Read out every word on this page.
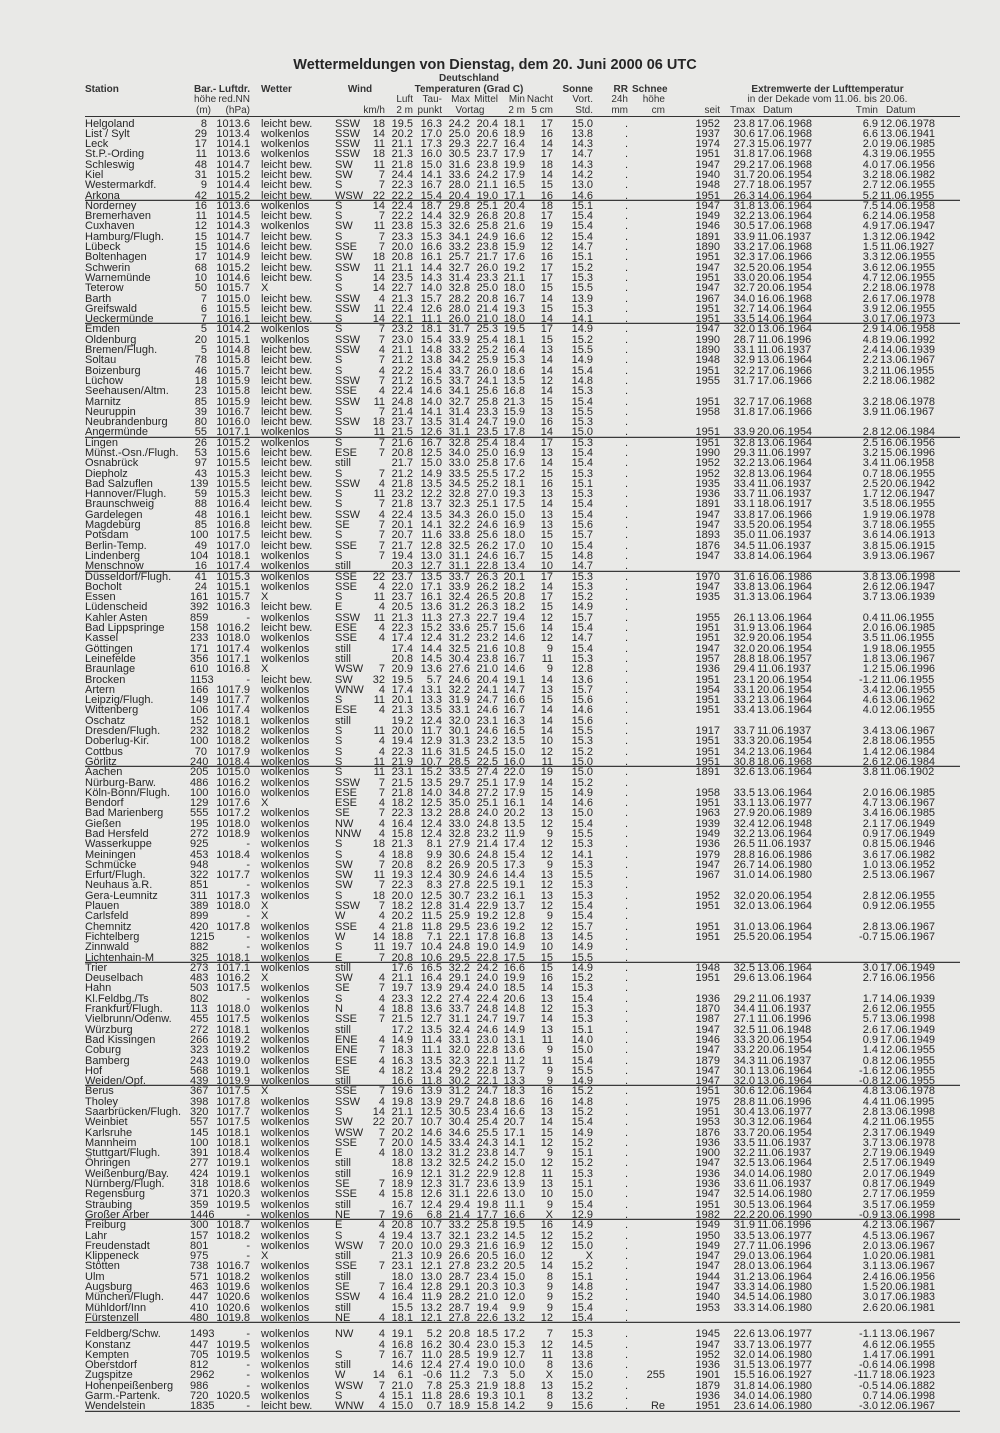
Wettermeldungen von Dienstag, dem 20. Juni 2000 06 UTC
Deutschland
Station	Bar.- Luftdr.	Wetter	Wind	Temperaturen (Grad C)	Sonne	RR Schnee	Extremwerte der Lufttemperatur
höhe red.NN	Luft Tau- Max Mittel	Min Nacht	Vort.	24h	höhe	in der Dekade vom 11.06. bis 20.06.
(m)	(hPa)	km/h	2 m punkt	Vortag	2 m 5 cm	Std.	mm	cm	seit	Tmax Datum	Tmin Datum
Helgoland	8 1013.6	leicht bew.	SSW	18 19.5 16.3 24.2 20.4 18.1	17	15.0	.	1952	23.8 17.06.1968	6.9 12.06.1978
List / Sylt	29 1013.4	wolkenlos	SSW	14 20.2 17.0 25.0 20.6 18.9	16	13.8	.	1937	30.6 17.06.1968	6.6 13.06.1941
Leck	17 1014.1	wolkenlos	SSW	11 21.1 17.3 29.3 22.7 16.4	14	14.3	.	1974	27.3 15.06.1977	2.0 19.06.1985
St.P.-Ording	11 1013.6	wolkenlos	SSW	18 21.3 16.0 30.5 23.7 17.9	17	14.7	.	1951	31.8 17.06.1968	4.3 19.06.1955
Schleswig	48 1014.7	leicht bew.	SW	11 21.8 15.0 31.6 23.8 19.9	18	14.3	.	1947	29.2 17.06.1968	4.0 17.06.1956
Kiel	31 1015.2	leicht bew.	SW	7 24.4 14.1 33.6 24.2 17.9	14	14.2	.	1940	31.7 20.06.1954	3.2 18.06.1982
Westermarkdf.	9 1014.4	leicht bew.	S	7 22.3 16.7 28.0 21.1 16.5	15	13.0	.	1948	27.7 18.06.1957	2.7 12.06.1955
Arkona	42 1015.2	leicht bew.	WSW 22 22.2 15.4 20.4 19.0 17.1	16	14.6	.	1951	26.3 14.06.1964	5.2 11.06.1955
Norderney	16 1013.6	wolkenlos	S	14 22.4 18.7 29.8 25.1 20.4	18	15.1	.	1947	31.8 13.06.1964	7.5 14.06.1958
Bremerhaven	11 1014.5	leicht bew.	S	7 22.2 14.4 32.9 26.8 20.8	17	15.4	.	1949	32.2 13.06.1964	6.2 14.06.1958
Cuxhaven	12 1014.3	wolkenlos	SW	11 23.8 15.3 32.6 25.8 21.6	19	15.4	.	1946	30.5 17.06.1968	4.9 17.06.1947
Hamburg/Flugh.	15 1014.7	leicht bew.	S	7 23.3 15.3 34.1 24.9 16.6	12	15.4	.	1891	33.9 11.06.1937	1.3 12.06.1942
Lübeck	15 1014.6	leicht bew.	SSE	7 20.0 16.6 33.2 23.8 15.9	12	14.7	.	1890	33.2 17.06.1968	1.5 11.06.1927
Boltenhagen	17 1014.9	leicht bew.	SW	18 20.8 16.1 25.7 21.7 17.6	16	15.1	.	1951	32.3 17.06.1966	3.3 12.06.1955
Schwerin	68 1015.2	leicht bew.	SSW	11 21.1 14.4 32.7 26.0 19.2	17	15.2	.	1947	32.5 20.06.1954	3.6 12.06.1955
Warnemünde	10 1014.6	leicht bew.	S	14 23.5 14.3 31.4 23.3 21.1	17	15.3	.	1951	33.0 20.06.1954	4.7 12.06.1955
Teterow	50 1015.7	X	S	14 22.7 14.0 32.8 25.0 18.0	15	15.5	.	1947	32.7 20.06.1954	2.2 18.06.1978
Barth	7 1015.0	leicht bew.	SSW	4 21.3 15.7 28.2 20.8 16.7	14	13.9	.	1967	34.0 16.06.1968	2.6 17.06.1978
Greifswald	6 1015.5	leicht bew.	SSW	11 22.4 12.6 28.0 21.4 19.3	15	15.3	.	1951	32.7 14.06.1964	3.9 12.06.1955
Ueckermünde	7 1016.1	leicht bew.	S	14 22.1 11.1 26.0 21.0 18.0	14	14.1	.	1951	33.5 14.06.1964	3.0 17.06.1973
Emden	5 1014.2	wolkenlos	S	7 23.2 18.1 31.7 25.3 19.5	17	14.9	.	1947	32.0 13.06.1964	2.9 14.06.1958
Oldenburg	20 1015.1	wolkenlos	SSW	7 23.0 15.4 33.9 25.4 18.1	15	15.2	.	1990	28.7 11.06.1996	4.8 19.06.1992
Bremen/Flugh.	5 1014.8	leicht bew.	SSW	4 21.1 14.8 33.2 25.2 16.4	13	15.5	.	1890	33.1 11.06.1937	2.4 14.06.1939
Soltau	78 1015.8	leicht bew.	S	7 21.2 13.8 34.2 25.9 15.3	14	14.9	.	1948	32.9 13.06.1964	2.2 13.06.1967
Boizenburg	46 1015.7	leicht bew.	S	4 22.2 15.4 33.7 26.0 18.6	14	15.4	.	1951	32.2 17.06.1966	3.2 11.06.1955
Lüchow	18 1015.9	leicht bew.	SSW	7 21.2 16.5 33.7 24.1 13.5	12	14.8	.	1955	31.7 17.06.1966	2.2 18.06.1982
Seehausen/Altm.	23 1015.8	leicht bew.	SSE	4 22.4 14.6 34.1 25.6 16.8	14	15.3	.
Marnitz	85 1015.9	leicht bew.	SSW	11 24.8 14.0 32.7 25.8 21.3	15	15.4	.	1951	32.7 17.06.1968	3.2 18.06.1978
Neuruppin	39 1016.7	leicht bew.	S	7 21.4 14.1 31.4 23.3 15.9	13	15.5	.	1958	31.8 17.06.1966	3.9 11.06.1967
Neubrandenburg	80 1016.0	leicht bew.	SSW	18 23.7 13.5 31.4 24.7 19.0	16	15.3	.
Angermünde	55 1017.1	wolkenlos	S	11 21.5 12.6 31.1 23.5 17.8	14	15.0	.	1951	33.9 20.06.1954	2.8 12.06.1984
Lingen	26 1015.2	wolkenlos	S	7 21.6 16.7 32.8 25.4 18.4	17	15.3	.	1951	32.8 13.06.1964	2.5 16.06.1956
Münst.-Osn./Flugh.	53 1015.6	leicht bew.	ESE	7 20.8 12.5 34.0 25.0 16.9	13	15.4	.	1990	29.3 11.06.1997	3.2 15.06.1996
Osnabrück	97 1015.5	leicht bew.	still	21.7 15.0 33.0 25.8 17.6	14	15.4	.	1952	32.2 13.06.1964	3.4 11.06.1958
Diepholz	43 1015.3	leicht bew.	S	7 21.2 14.9 33.5 25.5 17.2	15	15.3	.	1952	32.8 13.06.1964	0.7 18.06.1955
Bad Salzuflen	139 1015.5	leicht bew.	SSW	4 21.8 13.5 34.5 25.2 18.1	16	15.1	.	1935	33.4 11.06.1937	2.5 20.06.1942
Hannover/Flugh.	59 1015.3	leicht bew.	S	11 23.2 12.2 32.8 27.0 19.3	13	15.3	.	1936	33.7 11.06.1937	1.7 12.06.1947
Braunschweig	88 1016.4	leicht bew.	S	7 21.8 13.7 32.3 25.1 17.5	14	15.4	.	1891	33.1 18.06.1917	3.5 18.06.1955
Gardelegen	48 1016.1	leicht bew.	SSW	4 22.4 13.5 34.3 26.0 15.0	13	15.4	.	1947	33.8 17.06.1966	1.9 19.06.1978
Magdeburg	85 1016.8	leicht bew.	SE	7 20.1 14.1 32.2 24.6 16.9	13	15.6	.	1947	33.5 20.06.1954	3.7 18.06.1955
Potsdam	100 1017.5	leicht bew.	S	7 20.7 11.6 33.8 25.6 18.0	15	15.7	.	1893	35.0 11.06.1937	3.6 14.06.1913
Berlin-Temp.	49 1017.0	leicht bew.	SSE	7 21.7 12.8 32.5 26.2 17.0	10	15.4	.	1876	34.5 11.06.1937	3.8 15.06.1915
Lindenberg	104 1018.1	wolkenlos	S	7 19.4 13.0 31.1 24.6 16.7	15	14.8	.	1947	33.8 14.06.1964	3.9 13.06.1967
Menschnow	16 1017.4	wolkenlos	still	20.3 12.7 31.1 22.8 13.4	10	14.7	.
Düsseldorf/Flugh.	41 1015.3	wolkenlos	SSE	22 23.7 13.5 33.7 26.3 20.1	17	15.3	.	1970	31.6 16.06.1986	3.8 13.06.1998
Bocholt	24 1015.1	wolkenlos	SSE	4 22.0 17.1 33.9 26.2 18.2	14	15.3	.	1947	33.8 13.06.1964	2.6 12.06.1947
Essen	161 1015.7	X	S	11 23.7 16.1 32.4 26.5 20.8	17	15.2	.	1935	31.3 13.06.1964	3.7 13.06.1939
Lüdenscheid	392 1016.3	leicht bew.	E	4 20.5 13.6 31.2 26.3 18.2	15	14.9	.
Kahler Asten	859	-	wolkenlos	SSW	11 21.3 11.3 27.3 22.7 19.4	12	15.7	.	1955	26.1 13.06.1964	0.4 11.06.1955
Bad Lippspringe	158 1016.2	leicht bew.	ESE	4 22.3 15.2 33.6 25.7 15.6	14	15.4	.	1951	31.9 13.06.1964	2.0 16.06.1985
Kassel	233 1018.0	wolkenlos	SSE	4 17.4 12.4 31.2 23.2 14.6	12	14.7	.	1951	32.9 20.06.1954	3.5 11.06.1955
Göttingen	171 1017.4	wolkenlos	still	17.4 14.4 32.5 21.6 10.8	9	15.4	.	1947	32.0 20.06.1954	1.9 18.06.1955
Leinefelde	356 1017.1	wolkenlos	still	20.8 14.5 30.4 23.8 16.7	11	15.3	.	1957	28.8 18.06.1957	1.8 13.06.1967
Braunlage	610 1016.8	X	WSW	7 20.9 13.6 27.6 21.0 14.6	9	12.8	.	1936	29.4 11.06.1937	1.2 15.06.1996
Brocken	1153	-	leicht bew.	SW	32 19.5	5.7 24.6 20.4 19.1	14	13.6	.	1951	23.1 20.06.1954	-1.2 11.06.1955
Artern	166 1017.9	wolkenlos	WNW	4 17.4 13.1 32.2 24.1 14.7	13	15.7	.	1954	33.1 20.06.1954	3.4 12.06.1955
Leipzig/Flugh.	149 1017.7	wolkenlos	S	11 20.1 13.3 31.9 24.7 16.6	15	15.6	.	1951	33.2 13.06.1964	4.6 13.06.1962
Wittenberg	106 1017.4	wolkenlos	ESE	4 21.3 13.5 33.1 24.6 16.7	14	14.6	.	1951	33.4 13.06.1964	4.0 12.06.1955
Oschatz	152 1018.1	wolkenlos	still	19.2 12.4 32.0 23.1 16.3	14	15.6	.
Dresden/Flugh.	232 1018.2	wolkenlos	S	11 20.0 11.7 30.1 24.6 16.5	14	15.5	.	1917	33.7 11.06.1937	3.4 13.06.1967
Doberlug-Kir.	100 1018.2	wolkenlos	S	4 19.4 12.9 31.3 23.2 13.5	10	15.3	.	1951	33.3 20.06.1954	2.8 18.06.1955
Cottbus	70 1017.9	wolkenlos	S	4 22.3 11.6 31.5 24.5 15.0	12	15.2	.	1951	34.2 13.06.1964	1.4 12.06.1984
Görlitz	240 1018.4	wolkenlos	S	11 21.9 10.7 28.5 22.5 16.0	11	15.0	.	1951	30.8 18.06.1968	2.6 12.06.1984
Aachen	205 1015.0	wolkenlos	S	11 23.1 15.2 33.5 27.4 22.0	19	15.0	.	1891	32.6 13.06.1964	3.8 11.06.1902
Nürburg-Barw.	486 1016.2	wolkenlos	SSW	7 21.5 13.5 29.7 25.1 17.9	14	15.2	.
Köln-Bonn/Flugh.	100 1016.0	wolkenlos	ESE	7 21.8 14.0 34.8 27.2 17.9	15	14.9	.	1958	33.5 13.06.1964	2.0 16.06.1985
Bendorf	129 1017.6	X	ESE	4 18.2 12.5 35.0 25.1 16.1	14	14.6	.	1951	33.1 13.06.1977	4.7 13.06.1967
Bad Marienberg	555 1017.2	wolkenlos	SE	7 22.3 13.2 28.8 24.0 20.2	13	15.0	.	1963	27.9 20.06.1989	3.4 16.06.1985
Gießen	195 1018.0	wolkenlos	NW	4 16.4 12.4 33.0 24.8 13.5	12	15.4	.	1939	32.4 12.06.1948	2.1 17.06.1949
Bad Hersfeld	272 1018.9	wolkenlos	NNW	4 15.8 12.4 32.8 23.2 11.9	9	15.5	.	1949	32.2 13.06.1964	0.9 17.06.1949
Wasserkuppe	925	-	wolkenlos	S	18 21.3	8.1 27.9 21.4 17.4	12	15.3	.	1936	26.5 11.06.1937	0.8 15.06.1946
Meiningen	453 1018.4	wolkenlos	S	4 18.8	9.9 30.6 24.8 15.4	12	14.1	.	1979	28.8 16.06.1986	3.6 17.06.1982
Schmücke	948	-	wolkenlos	SW	7 20.8	8.2 26.9 20.5 17.3	9	15.3	.	1947	26.7 14.06.1980	1.0 13.06.1952
Erfurt/Flugh.	322 1017.7	wolkenlos	SW	11 19.3 12.4 30.9 24.6 14.4	13	15.5	.	1967	31.0 14.06.1980	2.5 13.06.1967
Neuhaus a.R.	851	-	wolkenlos	SW	7 22.3	8.3 27.8 22.5 19.1	12	15.3	.
Gera-Leumnitz	311 1017.3	wolkenlos	S	18 20.0 12.5 30.7 23.2 16.1	13	15.3	.	1952	32.0 20.06.1954	2.8 12.06.1955
Plauen	389 1018.0	X	SSW	7 18.2 12.8 31.4 22.9 13.7	12	15.4	.	1951	32.0 13.06.1964	0.9 12.06.1955
Carlsfeld	899	-	X	W	4 20.2 11.5 25.9 19.2 12.8	9	15.4	.
Chemnitz	420 1017.8	wolkenlos	SSE	4 21.8 11.8 29.5 23.6 19.2	12	15.7	.	1951	31.0 13.06.1964	2.8 13.06.1967
Fichtelberg	1215	-	wolkenlos	W	14 18.8	7.1 22.1 17.8 16.8	13	14.5	.	1951	25.5 20.06.1954	-0.7 15.06.1967
Zinnwald	882	-	wolkenlos	S	11 19.7 10.4 24.8 19.0 14.9	10	14.9	.
Lichtenhain-M	325 1018.1	wolkenlos	E	7 20.8 10.6 29.5 22.8 17.5	15	15.5	.
Trier	273 1017.1	wolkenlos	still	17.6 16.5 32.2 24.2 16.6	15	14.9	.	1948	32.5 13.06.1964	3.0 17.06.1949
Deuselbach	483 1016.2	X	SW	4 21.1 16.4 29.1 24.0 19.9	16	15.2	.	1951	29.6 13.06.1964	2.7 16.06.1956
Hahn	503 1017.5	wolkenlos	SE	7 19.7 13.9 29.4 24.0 18.5	14	15.3	.
Kl.Feldbg./Ts	802	-	wolkenlos	S	4 23.3 12.2 27.4 22.4 20.6	13	15.4	.	1936	29.2 11.06.1937	1.7 14.06.1939
Frankfurt/Flugh.	113 1018.0	wolkenlos	N	4 18.8 13.6 33.7 24.8 14.8	12	15.3	.	1870	34.4 11.06.1937	2.6 12.06.1955
Vielbrunn/Odenw.	455 1017.5	wolkenlos	SSE	7 21.5 12.7 31.1 24.7 19.7	14	15.3	.	1987	27.1 11.06.1996	5.7 13.06.1998
Würzburg	272 1018.1	wolkenlos	still	17.2 13.5 32.4 24.6 14.9	13	15.1	.	1947	32.5 11.06.1948	2.6 17.06.1949
Bad Kissingen	266 1019.2	wolkenlos	ENE	4 14.9 11.4 33.1 23.0 13.1	11	14.0	.	1946	33.3 20.06.1954	0.9 17.06.1949
Coburg	323 1019.2	wolkenlos	ENE	7 18.3 11.1 32.0 22.8 13.6	9	15.0	.	1947	33.2 20.06.1954	1.4 12.06.1955
Bamberg	243 1019.0	wolkenlos	ESE	4 16.3 13.5 32.3 22.1 11.2	11	15.4	.	1879	34.3 11.06.1937	0.8 12.06.1955
Hof	568 1019.1	wolkenlos	SE	4 18.2 13.4 29.2 22.8 13.7	9	15.5	.	1947	30.1 13.06.1964	-1.6 12.06.1955
Weiden/Opf.	439 1019.9	wolkenlos	still	16.6 11.8 30.2 22.1 13.3	9	14.9	.	1947	32.0 13.06.1964	-0.8 12.06.1955
Berus	367 1017.5	X	SSE	7 19.6 13.9 31.2 24.7 18.3	16	15.2	.	1951	30.6 12.06.1964	4.8 13.06.1978
Tholey	398 1017.8	wolkenlos	SSW	4 19.8 13.9 29.7 24.8 18.6	16	14.8	.	1975	28.8 11.06.1996	4.4 11.06.1995
Saarbrücken/Flugh. 320 1017.7	wolkenlos	S	14 21.1 12.5 30.5 23.4 16.6	13	15.2	.	1951	30.4 13.06.1977	2.8 13.06.1998
Weinbiet	557 1017.5	wolkenlos	SW	22 20.7 10.7 30.4 25.4 20.7	14	15.4	.	1953	30.3 12.06.1964	4.2 11.06.1955
Karlsruhe	145 1018.1	wolkenlos	WSW	7 20.2 14.6 34.6 25.5 17.1	15	14.9	.	1876	33.7 20.06.1954	2.3 17.06.1949
Mannheim	100 1018.1	wolkenlos	SSE	7 20.0 14.5 33.4 24.3 14.1	12	15.2	.	1936	33.5 11.06.1937	3.7 13.06.1978
Stuttgart/Flugh.	391 1018.4	wolkenlos	E	4 18.0 13.2 31.2 23.8 14.7	9	15.1	.	1900	32.2 11.06.1937	2.7 19.06.1949
Öhringen	277 1019.1	wolkenlos	still	18.8 13.2 32.5 24.2 15.0	12	15.2	.	1947	32.5 13.06.1964	2.5 17.06.1949
Weißenburg/Bay.	424 1019.1	wolkenlos	still	16.9 12.1 31.2 22.9 12.8	11	15.3	.	1936	34.0 14.06.1980	2.0 17.06.1949
Nürnberg/Flugh.	318 1018.6	wolkenlos	SE	7 18.9 12.3 31.7 23.6 13.9	13	15.1	.	1936	33.6 11.06.1937	0.8 17.06.1949
Regensburg	371 1020.3	wolkenlos	SSE	4 15.8 12.6 31.1 22.6 13.0	10	15.0	.	1947	32.5 14.06.1980	2.7 17.06.1959
Straubing	359 1019.5	wolkenlos	still	16.7 12.4 29.4 19.8 11.1	9	15.4	.	1951	30.5 13.06.1964	3.5 17.06.1959
Großer Arber	1446	-	wolkenlos	NE	7 19.6	6.8 21.4 17.7 16.6	X	12.9	.	1982	22.2 20.06.1990	-0.9 13.06.1998
Freiburg	300 1018.7	wolkenlos	E	4 20.8 10.7 33.2 25.8 19.5	16	14.9	.	1949	31.9 11.06.1996	4.2 13.06.1967
Lahr	157 1018.2	wolkenlos	S	4 19.4 13.7 32.1 23.2 14.5	12	15.2	.	1950	33.5 13.06.1977	4.5 13.06.1967
Freudenstadt	801	-	wolkenlos	WSW	7 20.0 10.0 29.3 21.6 16.9	12	15.0	.	1949	27.7 11.06.1996	2.0 13.06.1967
Klippeneck	975	-	X	still	21.3 10.9 26.6 20.5 16.0	12	X	.	1947	29.0 13.06.1964	1.0 20.06.1981
Stötten	738 1016.7	wolkenlos	SSE	7 23.1 12.1 27.8 23.2 20.5	14	15.2	.	1947	28.0 13.06.1964	3.1 13.06.1967
Ulm	571 1018.2	wolkenlos	still	18.0 13.0 28.7 23.4 15.0	8	15.1	.	1944	31.2 13.06.1964	2.4 16.06.1956
Augsburg	463 1019.6	wolkenlos	SE	7 16.4 12.8 29.1 20.3 10.3	9	14.8	.	1947	33.3 14.06.1980	1.5 20.06.1981
München/Flugh.	447 1020.6	wolkenlos	SSW	4 16.4 11.9 28.2 21.0 12.0	9	15.2	.	1940	34.5 14.06.1980	3.0 17.06.1983
Mühldorf/Inn	410 1020.6	wolkenlos	still	15.5 13.2 28.7 19.4	9.9	9	15.4	.	1953	33.3 14.06.1980	2.6 20.06.1981
Fürstenzell	480 1019.8	wolkenlos	NE	4 18.1 12.1 27.8 22.6 13.2	12	15.4	.
Feldberg/Schw.	1493	-	wolkenlos	NW	4 19.1	5.2 20.8 18.5 17.2	7	15.3	.	1945	22.6 13.06.1977	-1.1 13.06.1967
Konstanz	447 1019.5	wolkenlos	4 16.8 16.2 30.4 23.0 15.3	12	14.5	.	1947	33.7 13.06.1977	4.6 12.06.1955
Kempten	705 1019.5	wolkenlos	S	7 16.7 11.0 28.5 19.9 12.7	11	13.8	.	1952	32.0 14.06.1980	1.4 17.06.1991
Oberstdorf	812	-	wolkenlos	still	14.6 12.4 27.4 19.0 10.0	8	13.6	.	1936	31.5 13.06.1977	-0.6 14.06.1998
Zugspitze	2962	-	wolkenlos	W	14	6.1 -0.6 11.2	7.3	5.0	X	15.0	.	255	1901	15.5 16.06.1927	-11.7 18.06.1923
Hohenpeißenberg	986	-	wolkenlos	WSW	7 21.0	7.8 25.3 21.9 18.8	13	15.2	.	1879	31.8 14.06.1980	-0.5 14.06.1882
Garm.-Partenk.	720 1020.5	wolkenlos	S	4 15.1 11.8 28.6 19.3 10.1	8	13.2	.	1936	34.0 14.06.1980	0.7 14.06.1998
Wendelstein	1835	-	leicht bew.	WNW	4 15.0	0.7 18.9 15.8 14.2	9	15.6	.	Re	1951	23.6 14.06.1980	-3.0 12.06.1967
